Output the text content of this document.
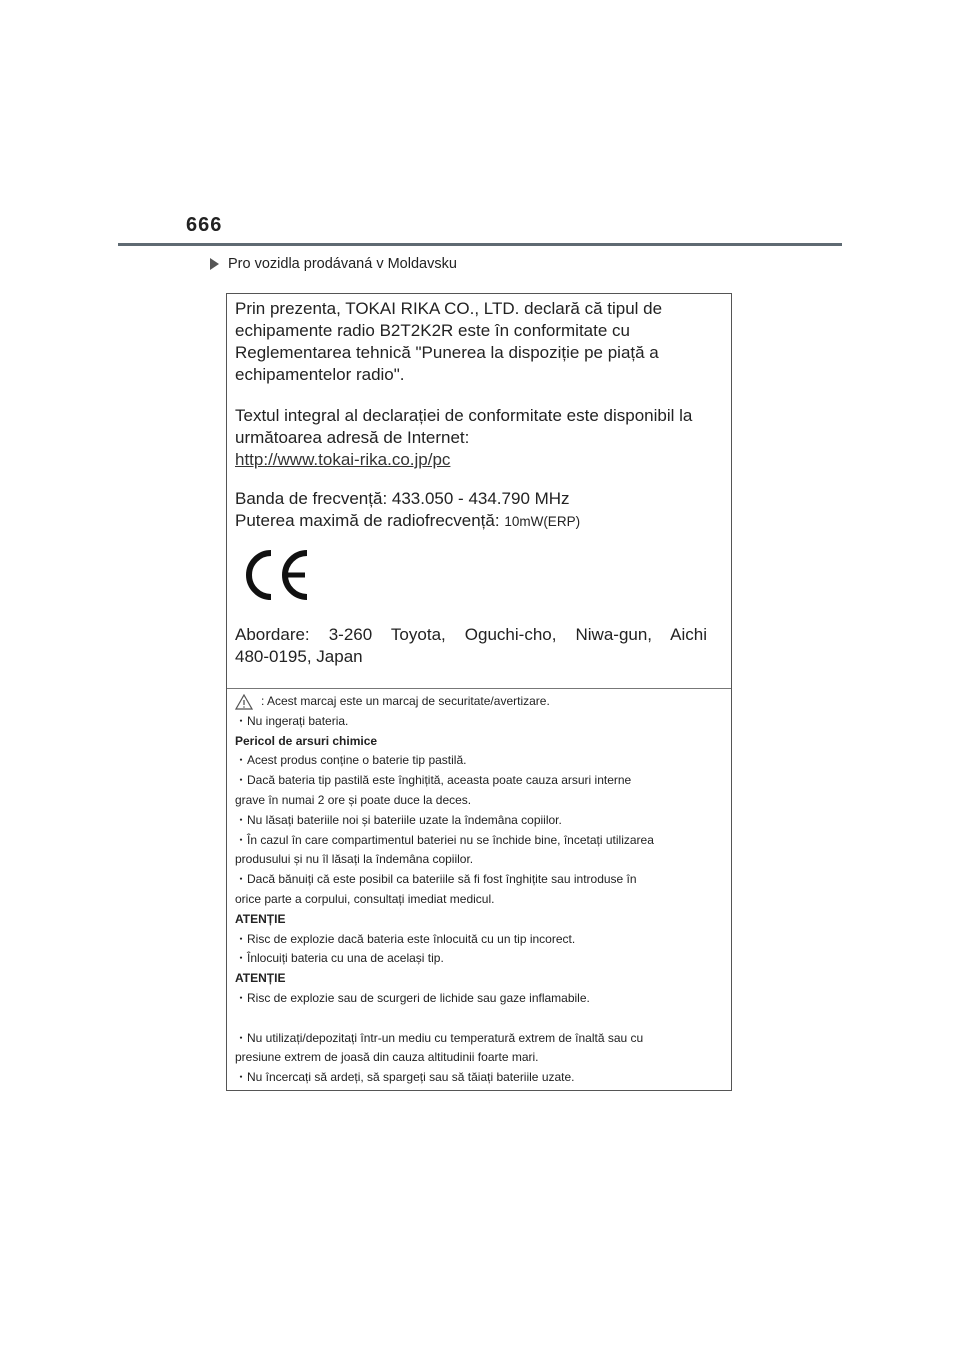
666
Pro vozidla prodávaná v Moldavsku

Prin prezenta, TOKAI RIKA CO., LTD. declară că tipul de

echipamente radio B2T2K2R este în conformitate cu

Reglementarea tehnică "Punerea la dispoziție pe piață a

echipamentelor radio".

Textul integral al declarației de conformitate este disponibil la

următoarea adresă de Internet:

http://www.tokai-rika.co.jp/pc

Banda de frecvență: 433.050 - 434.790 MHz

Puterea maximă de radiofrecvență: 10mW(ERP)

Abordare: 3-260 Toyota, Oguchi-cho, Niwa-gun, Aichi
480-0195, Japan

: Acest marcaj este un marcaj de securitate/avertizare.

・Nu ingerați bateria.

Pericol de arsuri chimice

・Acest produs conține o baterie tip pastilă.

・Dacă bateria tip pastilă este înghițită, aceasta poate cauza arsuri interne

grave în numai 2 ore și poate duce la deces.

・Nu lăsați bateriile noi și bateriile uzate la îndemâna copiilor.

・În cazul în care compartimentul bateriei nu se închide bine, încetați utilizarea

produsului și nu îl lăsați la îndemâna copiilor.

・Dacă bănuiți că este posibil ca bateriile să fi fost înghițite sau introduse în

orice parte a corpului, consultați imediat medicul.

ATENȚIE

・Risc de explozie dacă bateria este înlocuită cu un tip incorect.

・Înlocuiți bateria cu una de același tip.

ATENȚIE

・Risc de explozie sau de scurgeri de lichide sau gaze inflamabile.

・Nu utilizați/depozitați într-un mediu cu temperatură extrem de înaltă sau cu

presiune extrem de joasă din cauza altitudinii foarte mari.

・Nu încercați să ardeți, să spargeți sau să tăiați bateriile uzate.
